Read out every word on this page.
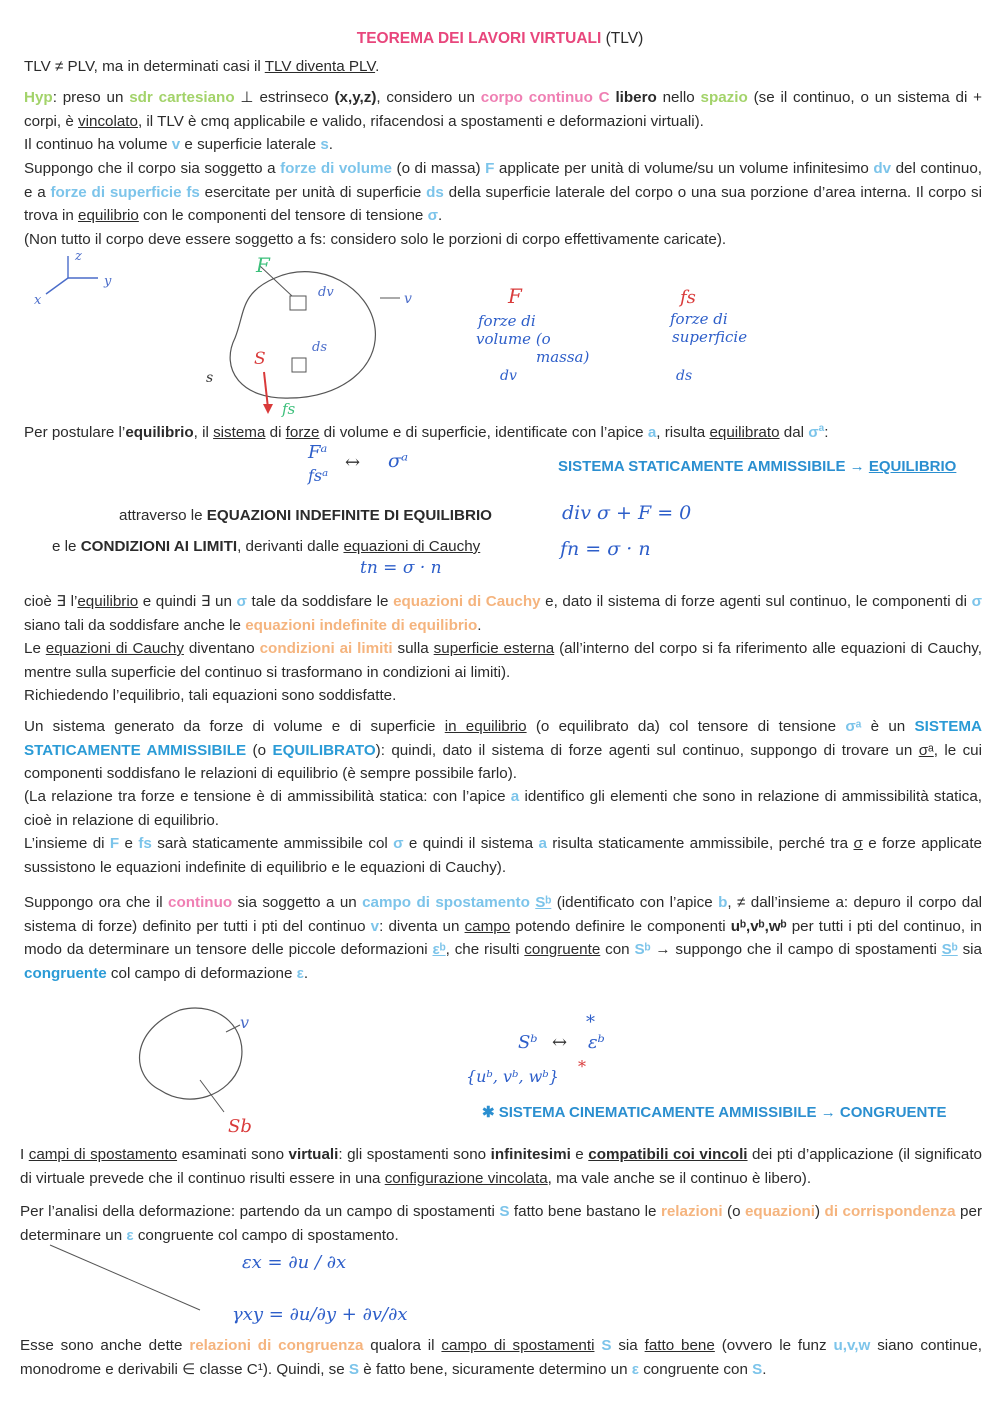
TEOREMA DEI LAVORI VIRTUALI (TLV)
TLV ≠ PLV, ma in determinati casi il TLV diventa PLV.
Hyp: preso un sdr cartesiano ⊥ estrinseco (x,y,z), considero un corpo continuo C libero nello spazio (se il continuo, o un sistema di + corpi, è vincolato, il TLV è cmq applicabile e valido, rifacendosi a spostamenti e deformazioni virtuali).
Il continuo ha volume v e superficie laterale s.
Suppongo che il corpo sia soggetto a forze di volume (o di massa) F applicate per unità di volume/su un volume infinitesimo dv del continuo, e a forze di superficie fs esercitate per unità di superficie ds della superficie laterale del corpo o una sua porzione d’area interna. Il corpo si trova in equilibrio con le componenti del tensore di tensione σ.
(Non tutto il corpo deve essere soggetto a fs: considero solo le porzioni di corpo effettivamente caricate).
z
y
x
F
dv	v
ds
S
s
fs
F
forze di
volume (o
massa)
dv
fs
forze di
superficie
ds
Per postulare l’equilibrio, il sistema di forze di volume e di superficie, identificate con l’apice a, risulta equilibrato dal $\sigma^a$:
Fᵃ
fsᵃ
↔ σᵃ	SISTEMA STATICAMENTE AMMISSIBILE → EQUILIBRIO
attraverso le EQUAZIONI INDEFINITE DI EQUILIBRIO	div σ + F = 0
e le CONDIZIONI AI LIMITI, derivanti dalle equazioni di Cauchy
tn = σ · n
fn = σ · n
cioè ∃ l’equilibrio e quindi ∃ un σ tale da soddisfare le equazioni di Cauchy e, dato il sistema di forze agenti sul continuo, le componenti di σ siano tali da soddisfare anche le equazioni indefinite di equilibrio.
Le equazioni di Cauchy diventano condizioni ai limiti sulla superficie esterna (all’interno del corpo si fa riferimento alle equazioni di Cauchy, mentre sulla superficie del continuo si trasformano in condizioni ai limiti).
Richiedendo l’equilibrio, tali equazioni sono soddisfatte.
Un sistema generato da forze di volume e di superficie in equilibrio (o equilibrato da) col tensore di tensione σᵃ è un SISTEMA STATICAMENTE AMMISSIBILE (o EQUILIBRATO): quindi, dato il sistema di forze agenti sul continuo, suppongo di trovare un σᵃ, le cui componenti soddisfano le relazioni di equilibrio (è sempre possibile farlo).
(La relazione tra forze e tensione è di ammissibilità statica: con l’apice a identifico gli elementi che sono in relazione di ammissibilità statica, cioè in relazione di equilibrio.
L’insieme di F e fs sarà staticamente ammissibile col σ e quindi il sistema a risulta staticamente ammissibile, perché tra σ e forze applicate sussistono le equazioni indefinite di equilibrio e le equazioni di Cauchy).
Suppongo ora che il continuo sia soggetto a un campo di spostamento Sᵇ (identificato con l’apice b, ≠ dall’insieme a: depuro il corpo dal sistema di forze) definito per tutti i pti del continuo v: diventa un campo potendo definire le componenti uᵇ,vᵇ,wᵇ per tutti i pti del continuo, in modo da determinare un tensore delle piccole deformazioni εᵇ, che risulti congruente con Sᵇ → suppongo che il campo di spostamenti Sᵇ sia congruente col campo di deformazione ε.
v
Sb
Sᵇ ↔ εᵇ
*
{uᵇ, vᵇ, wᵇ}
*
✱ SISTEMA CINEMATICAMENTE AMMISSIBILE → CONGRUENTE
I campi di spostamento esaminati sono virtuali: gli spostamenti sono infinitesimi e compatibili coi vincoli dei pti d’applicazione (il significato di virtuale prevede che il continuo risulti essere in una configurazione vincolata, ma vale anche se il continuo è libero).
Per l’analisi della deformazione: partendo da un campo di spostamenti S fatto bene bastano le relazioni (o equazioni) di corrispondenza per determinare un ε congruente col campo di spostamento.
εx = ∂u / ∂x
γxy = ∂u/∂y + ∂v/∂x
Esse sono anche dette relazioni di congruenza qualora il campo di spostamenti S sia fatto bene (ovvero le funz u,v,w siano continue, monodrome e derivabili ∈ classe C¹). Quindi, se S è fatto bene, sicuramente determino un ε congruente con S.
